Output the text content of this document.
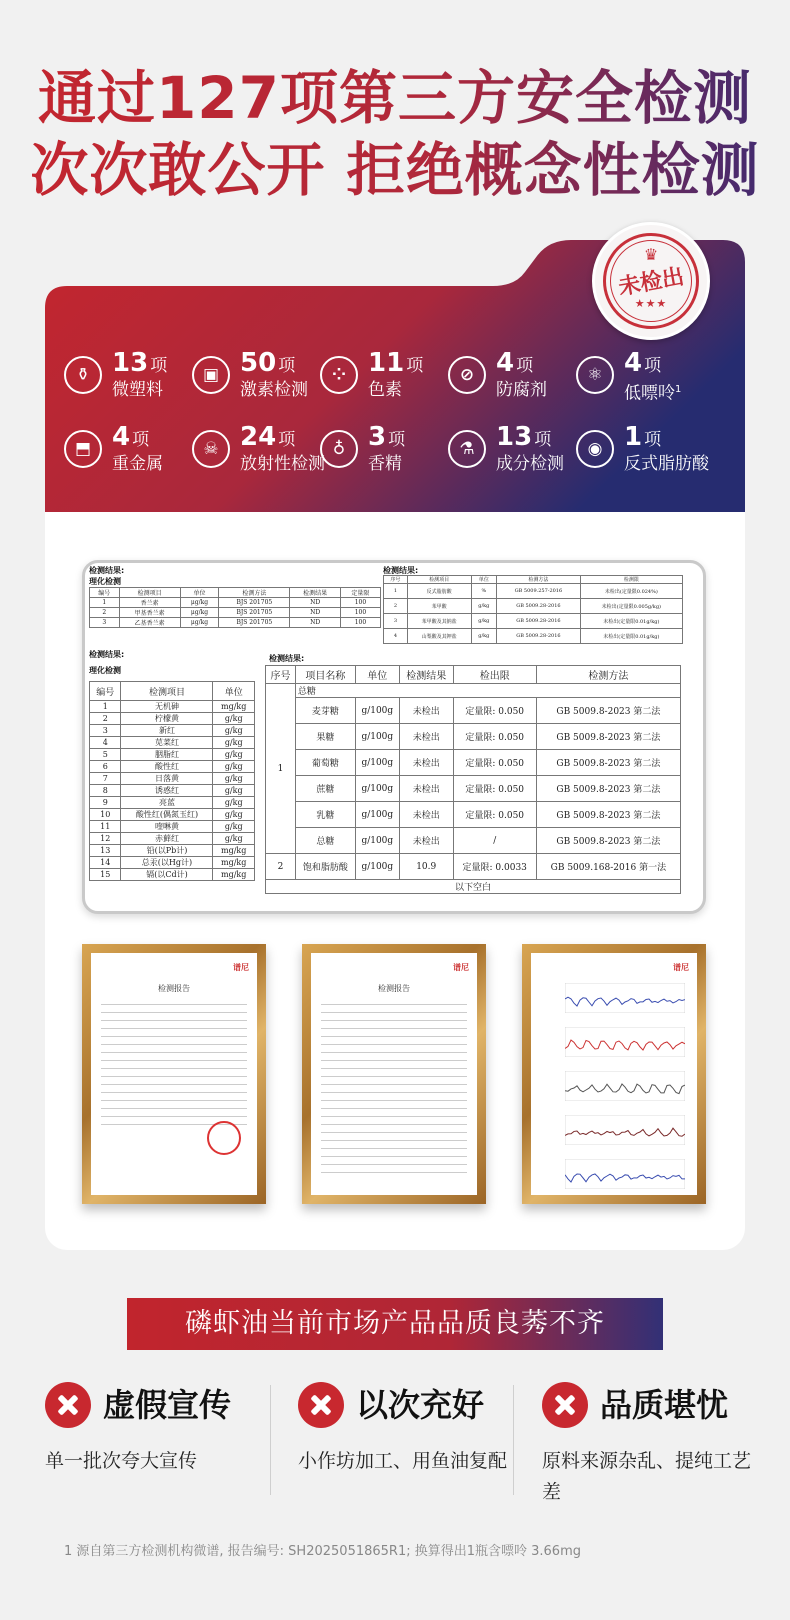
通过127项第三方安全检测
次次敢公开 拒绝概念性检测
♛
未检出
★★★
⚱ 13 项
微塑料
▣ 50 项
激素检测
⁘ 11 项
色素
⊘ 4 项
防腐剂
⚛ 4 项
低嘌呤$^1$
⬒ 4 项
重金属
☠ 24 项
放射性检测
♁ 3 项
香精
⚗ 13 项
成分检测
◉ 1 项
反式脂肪酸
检测结果:
理化检测
编号	检测项目	单位	检测方法	检测结果	定量限
1	香兰素	μg/kg	BJS 201705	ND	100
2	甲基香兰素	μg/kg	BJS 201705	ND	100
3	乙基香兰素	μg/kg	BJS 201705	ND	100
检测结果:
序号	检测项目	单位	检测方法	检测限
1	反式脂肪酸	%	GB 5009.257-2016	未检出(定量限0.024%)
2	苯甲酸	g/kg	GB 5009.28-2016	未检出(定量限0.005g/kg)
3	苯甲酸及其钠盐	g/kg	GB 5009.28-2016	未检出(定量限0.01g/kg)
4	山梨酸及其钾盐	g/kg	GB 5009.28-2016	未检出(定量限0.01g/kg)
检测结果:
理化检测
编号	检测项目	单位
1	无机砷	mg/kg
2	柠檬黄	g/kg
3	新红	g/kg
4	苋菜红	g/kg
5	胭脂红	g/kg
6	酸性红	g/kg
7	日落黄	g/kg
8	诱惑红	g/kg
9	亮蓝	g/kg
10	酸性红(偶氮玉红)	g/kg
11	喹啉黄	g/kg
12	赤藓红	g/kg
13	铅(以Pb计)	mg/kg
14	总汞(以Hg计)	mg/kg
15	镉(以Cd计)	mg/kg
检测结果:
序号	项目名称	单位	检测结果	检出限	检测方法
1	总糖				
	麦芽糖	g/100g	未检出	定量限: 0.050	GB 5009.8-2023 第二法
	果糖	g/100g	未检出	定量限: 0.050	GB 5009.8-2023 第二法
	葡萄糖	g/100g	未检出	定量限: 0.050	GB 5009.8-2023 第二法
	蔗糖	g/100g	未检出	定量限: 0.050	GB 5009.8-2023 第二法
	乳糖	g/100g	未检出	定量限: 0.050	GB 5009.8-2023 第二法
	总糖	g/100g	未检出	/	GB 5009.8-2023 第二法
2	饱和脂肪酸	g/100g	10.9	定量限: 0.0033	GB 5009.168-2016 第一法
以下空白					
谱尼
检测报告
谱尼
检测报告
谱尼
磷虾油当前市场产品品质良莠不齐
虚假宣传
单一批次夸大宣传
以次充好
小作坊加工、用鱼油复配
品质堪忧
原料来源杂乱、提纯工艺差
1 源自第三方检测机构微谱, 报告编号: SH2025051865R1; 换算得出1瓶含嘌呤 3.66mg
